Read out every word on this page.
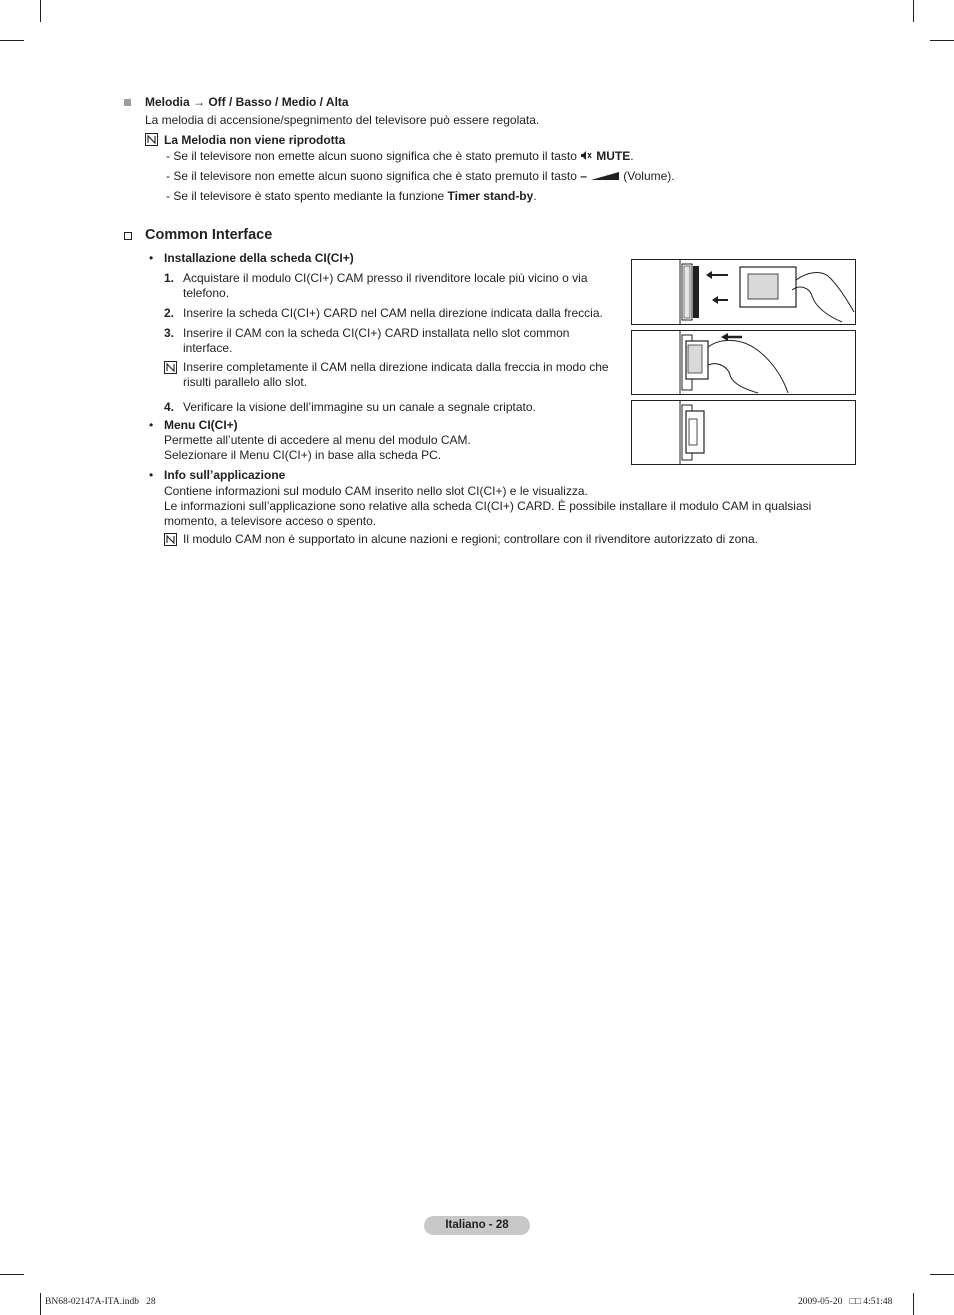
Melodia → Off / Basso / Medio / Alta
La melodia di accensione/spegnimento del televisore può essere regolata.
La Melodia non viene riprodotta
- Se il televisore non emette alcun suono significa che è stato premuto il tasto MUTE.
- Se il televisore non emette alcun suono significa che è stato premuto il tasto –	(Volume).
- Se il televisore è stato spento mediante la funzione Timer stand-by.
Common Interface
• Installazione della scheda CI(CI+)
1. Acquistare il modulo CI(CI+) CAM presso il rivenditore locale più vicino o via
telefono.
2. Inserire la scheda CI(CI+) CARD nel CAM nella direzione indicata dalla freccia.
3. Inserire il CAM con la scheda CI(CI+) CARD installata nello slot common
interface.
Inserire completamente il CAM nella direzione indicata dalla freccia in modo che
risulti parallelo allo slot.
4. Verificare la visione dell’immagine su un canale a segnale criptato.
• Menu CI(CI+)
Permette all’utente di accedere al menu del modulo CAM.
Selezionare il Menu CI(CI+) in base alla scheda PC.
• Info sull’applicazione
Contiene informazioni sul modulo CAM inserito nello slot CI(CI+) e le visualizza.
Le informazioni sull’applicazione sono relative alla scheda CI(CI+) CARD. È possibile installare il modulo CAM in qualsiasi
momento, a televisore acceso o spento.
Il modulo CAM non è supportato in alcune nazioni e regioni; controllare con il rivenditore autorizzato di zona.
Italiano - 28
BN68-02147A-ITA.indb   28	2009-05-20   □□ 4:51:48
